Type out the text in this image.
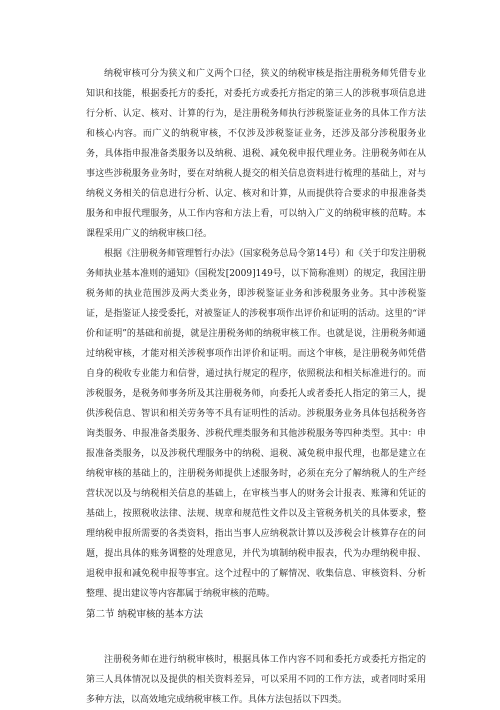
纳税审核可分为狭义和广义两个口径，狭义的纳税审核是指注册税务师凭借专业知识和技能，根据委托方的委托，对委托方或委托方指定的第三人的涉税事项信息进行分析、认定、核对、计算的行为，是注册税务师执行涉税鉴证业务的具体工作方法和核心内容。而广义的纳税审核，不仅涉及涉税鉴证业务，还涉及部分涉税服务业务，具体指申报准备类服务以及纳税、退税、减免税申报代理业务。注册税务师在从事这些涉税服务业务时，要在对纳税人提交的相关信息资料进行梳理的基础上，对与纳税义务相关的信息进行分析、认定、核对和计算，从而提供符合要求的申报准备类服务和申报代理服务，从工作内容和方法上看，可以纳入广义的纳税审核的范畴。本课程采用广义的纳税审核口径。

根据《注册税务师管理暂行办法》（国家税务总局令第14号）和《关于印发注册税务师执业基本准则的通知》（国税发[2009]149号，以下简称准则）的规定，我国注册税务师的执业范围涉及两大类业务，即涉税鉴证业务和涉税服务业务。其中涉税鉴证，是指鉴证人接受委托，对被鉴证人的涉税事项作出评价和证明的活动。这里的“评价和证明”的基础和前提，就是注册税务师的纳税审核工作。也就是说，注册税务师通过纳税审核，才能对相关涉税事项作出评价和证明。而这个审核，是注册税务师凭借自身的税收专业能力和信誉，通过执行规定的程序，依照税法和相关标准进行的。而涉税服务，是税务师事务所及其注册税务师，向委托人或者委托人指定的第三人，提供涉税信息、智识和相关劳务等不具有证明性的活动。涉税服务业务具体包括税务咨询类服务、申报准备类服务、涉税代理类服务和其他涉税服务等四种类型。其中：申报准备类服务，以及涉税代理服务中的纳税、退税、减免税申报代理，也都是建立在纳税审核的基础上的，注册税务师提供上述服务时，必须在充分了解纳税人的生产经营状况以及与纳税相关信息的基础上，在审核当事人的财务会计报表、账簿和凭证的基础上，按照税收法律、法规、规章和规范性文件以及主管税务机关的具体要求，整理纳税申报所需要的各类资料，指出当事人应纳税款计算以及涉税会计核算存在的问题，提出具体的账务调整的处理意见，并代为填制纳税申报表，代为办理纳税申报、退税申报和减免税申报等事宜。这个过程中的了解情况、收集信息、审核资料、分析整理、提出建议等内容都属于纳税审核的范畴。

第二节 纳税审核的基本方法

注册税务师在进行纳税审核时，根据具体工作内容不同和委托方或委托方指定的第三人具体情况以及提供的相关资料差异，可以采用不同的工作方法，或者同时采用多种方法，以高效地完成纳税审核工作。具体方法包括以下四类。
